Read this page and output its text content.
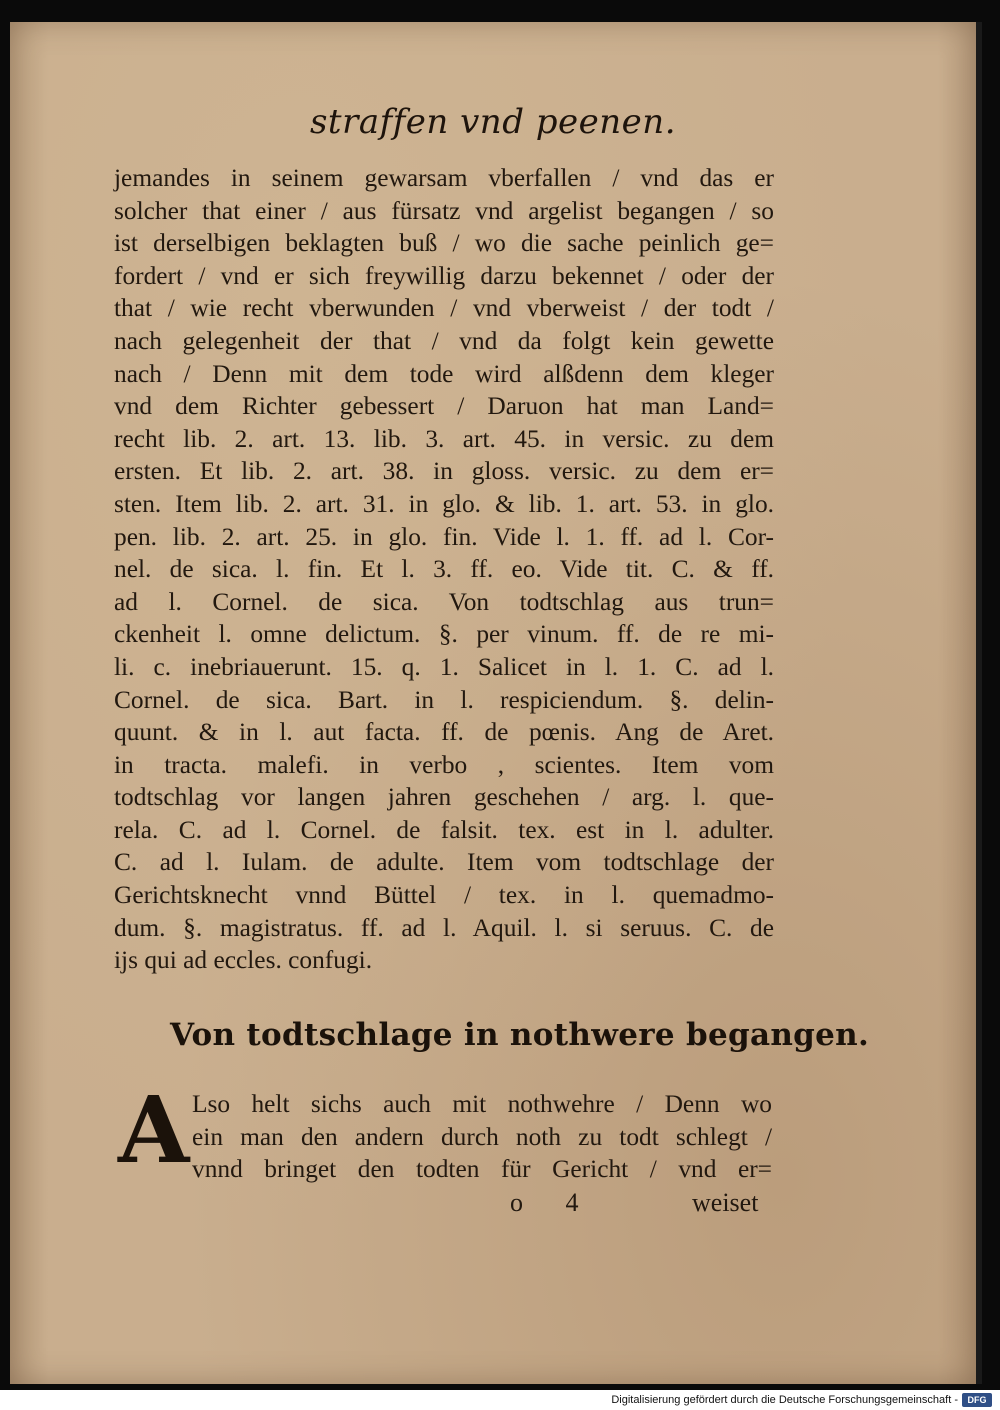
straffen vnd peenen.
jemandes in seinem gewarsam vberfallen / vnd das er
solcher that einer / aus fürsatz vnd argelist begangen / so
ist derselbigen beklagten buß / wo die sache peinlich ge=
fordert / vnd er sich freywillig darzu bekennet / oder der
that / wie recht vberwunden / vnd vberweist / der todt /
nach gelegenheit der that / vnd da folgt kein gewette
nach / Denn mit dem tode wird alßdenn dem kleger
vnd dem Richter gebessert / Daruon hat man Land=
recht lib. 2. art. 13. lib. 3. art. 45. in versic. zu dem
ersten. Et lib. 2. art. 38. in gloss. versic. zu dem er=
sten. Item lib. 2. art. 31. in glo. & lib. 1. art. 53. in glo.
pen. lib. 2. art. 25. in glo. fin. Vide l. 1. ff. ad l. Cor-
nel. de sica. l. fin. Et l. 3. ff. eo. Vide tit. C. & ff.
ad l. Cornel. de sica. Von todtschlag aus trun=
ckenheit l. omne delictum. §. per vinum. ff. de re mi-
li. c. inebriauerunt. 15. q. 1. Salicet in l. 1. C. ad l.
Cornel. de sica. Bart. in l. respiciendum. §. delin-
quunt. & in l. aut facta. ff. de pœnis. Ang de Aret.
in tracta. malefi. in verbo , scientes. Item vom
todtschlag vor langen jahren geschehen / arg. l. que-
rela. C. ad l. Cornel. de falsit. tex. est in l. adulter.
C. ad l. Iulam. de adulte. Item vom todtschlage der
Gerichtsknecht vnnd Büttel / tex. in l. quemadmo-
dum. §. magistratus. ff. ad l. Aquil. l. si seruus. C. de
ijs qui ad eccles. confugi.
Von todtschlage in nothwere begangen.
A Lso helt sichs auch mit nothwehre / Denn wo
ein man den andern durch noth zu todt schlegt /
vnnd bringet den todten für Gericht / vnd er=
o 4	weiset
Digitalisierung gefördert durch die Deutsche Forschungsgemeinschaft -	DFG
